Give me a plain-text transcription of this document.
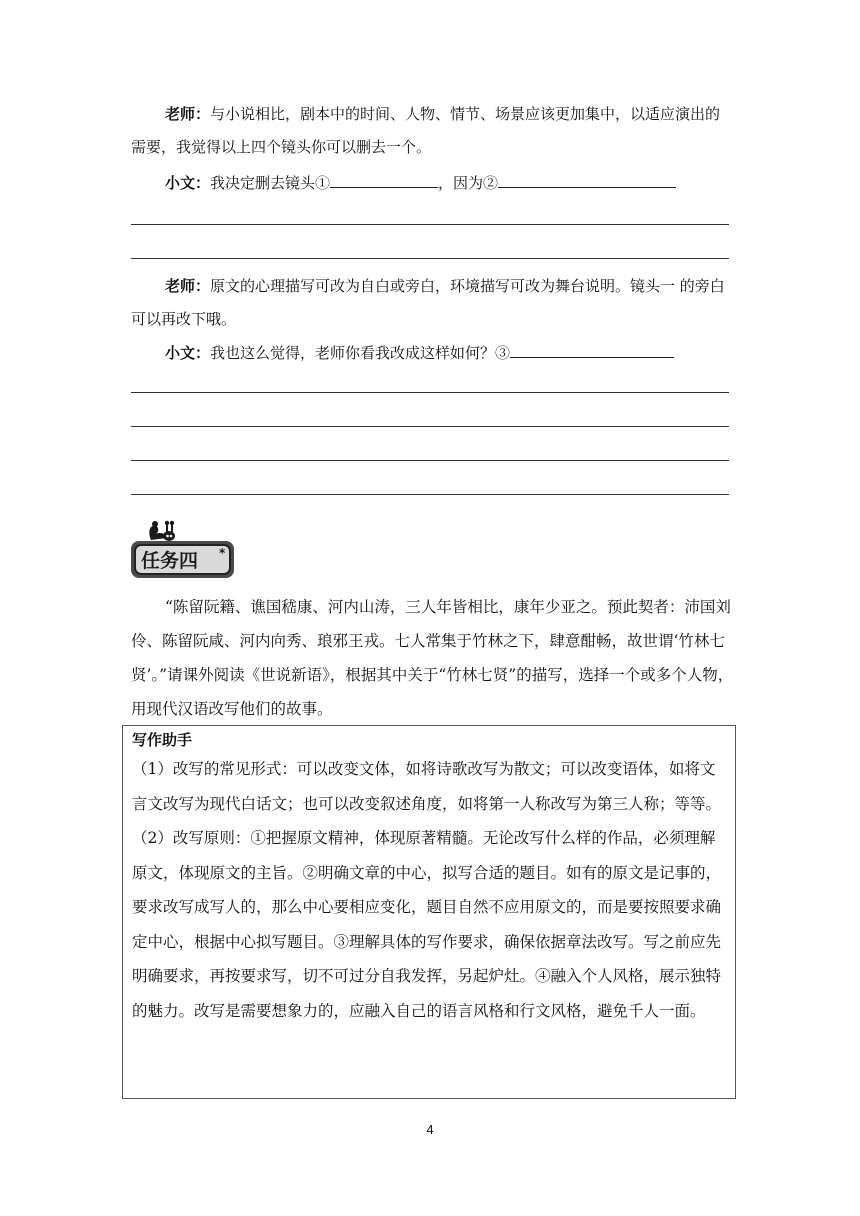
老师：与小说相比，剧本中的时间、人物、情节、场景应该更加集中，以适应演出的需要，我觉得以上四个镜头你可以删去一个。

小文：我决定删去镜头①	，因为②

老师：原文的心理描写可改为自白或旁白，环境描写可改为舞台说明。镜头一 的旁白可以再改下哦。

小文：我也这么觉得，老师你看我改成这样如何？③

任务四 *

“陈留阮籍、谯国嵇康、河内山涛，三人年皆相比，康年少亚之。预此契者：沛国刘伶、陈留阮咸、河内向秀、琅邪王戎。七人常集于竹林之下，肆意酣畅，故世谓‘竹林七贤’。”请课外阅读《世说新语》，根据其中关于“竹林七贤”的描写，选择一个或多个人物，用现代汉语改写他们的故事。

写作助手

（1）改写的常见形式：可以改变文体，如将诗歌改写为散文；可以改变语体，如将文言文改写为现代白话文；也可以改变叙述角度，如将第一人称改写为第三人称；等等。

（2）改写原则：①把握原文精神，体现原著精髓。无论改写什么样的作品，必须理解原文，体现原文的主旨。②明确文章的中心，拟写合适的题目。如有的原文是记事的，要求改写成写人的，那么中心要相应变化，题目自然不应用原文的，而是要按照要求确定中心，根据中心拟写题目。③理解具体的写作要求，确保依据章法改写。写之前应先明确要求，再按要求写，切不可过分自我发挥，另起炉灶。④融入个人风格，展示独特的魅力。改写是需要想象力的，应融入自己的语言风格和行文风格，避免千人一面。

4
